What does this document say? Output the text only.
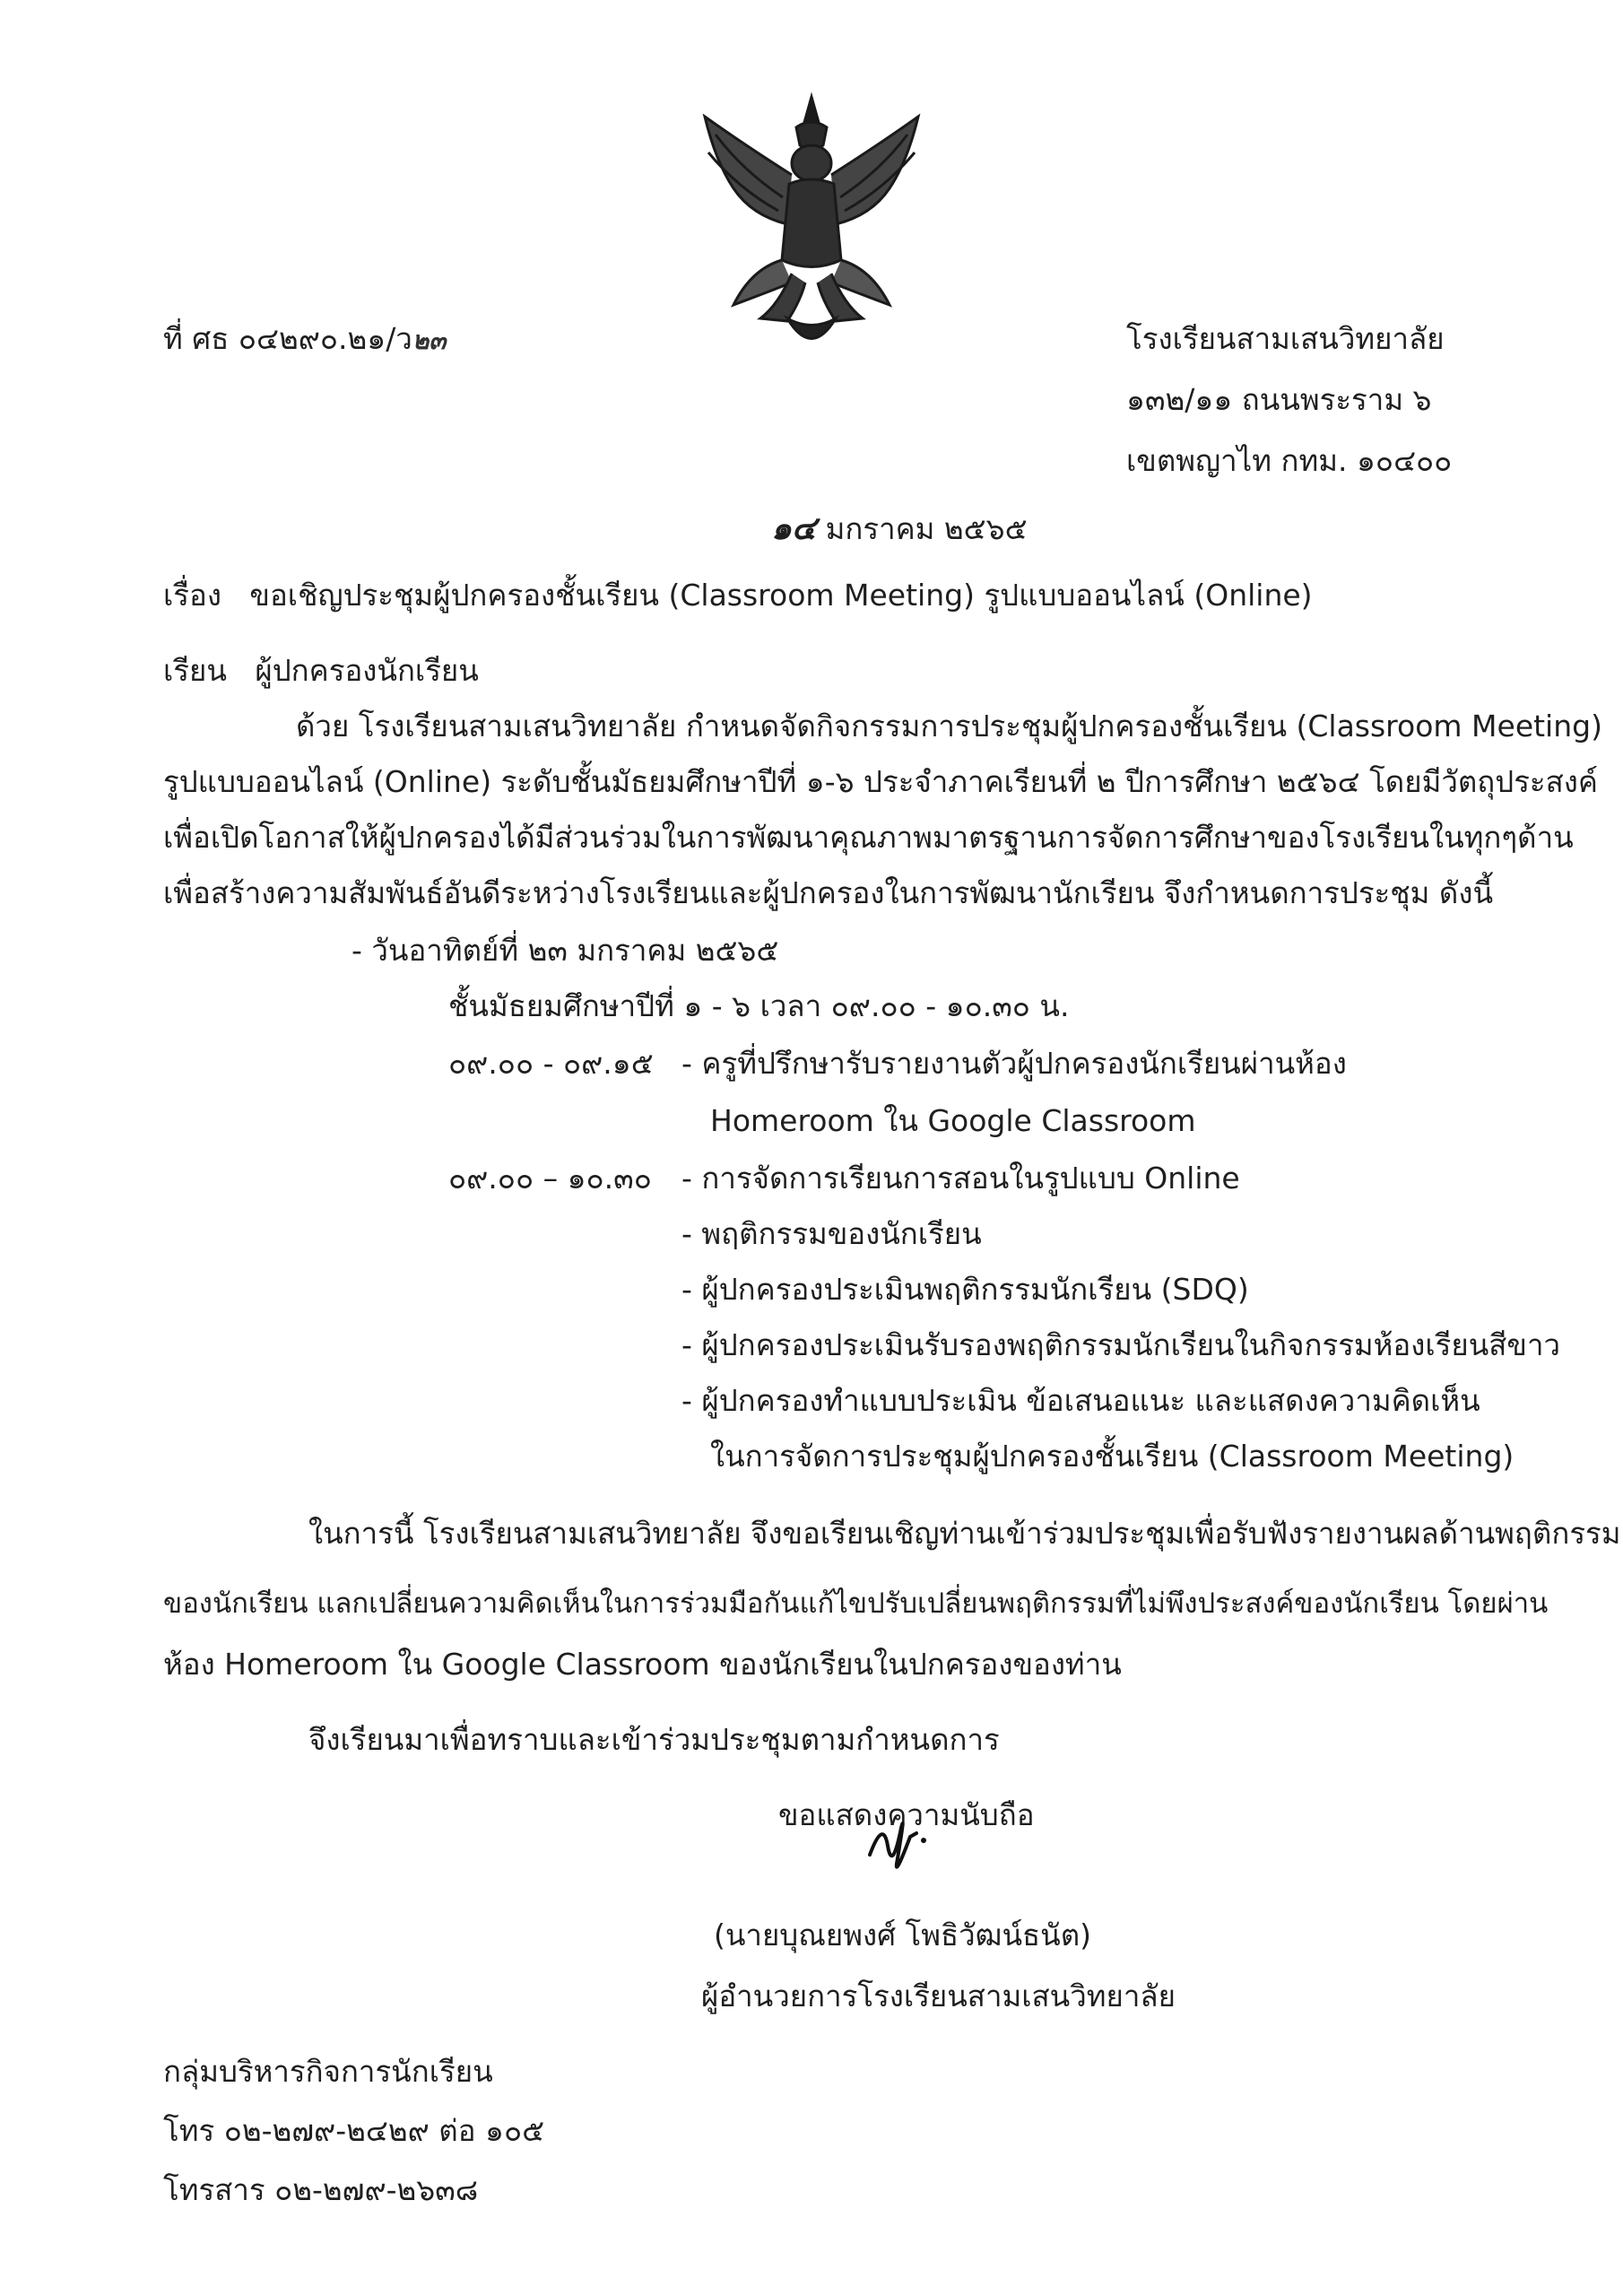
ที่ ศธ ๐๔๒๙๐.๒๑/ว๒๓	โรงเรียนสามเสนวิทยาลัย
๑๓๒/๑๑ ถนนพระราม ๖
เขตพญาไท กทม. ๑๐๔๐๐
๑๔ มกราคม ๒๕๖๕
เรื่อง ขอเชิญประชุมผู้ปกครองชั้นเรียน (Classroom Meeting) รูปแบบออนไลน์ (Online)
เรียน ผู้ปกครองนักเรียน
ด้วย โรงเรียนสามเสนวิทยาลัย กำหนดจัดกิจกรรมการประชุมผู้ปกครองชั้นเรียน (Classroom Meeting)
รูปแบบออนไลน์ (Online) ระดับชั้นมัธยมศึกษาปีที่ ๑-๖ ประจำภาคเรียนที่ ๒ ปีการศึกษา ๒๕๖๔ โดยมีวัตถุประสงค์
เพื่อเปิดโอกาสให้ผู้ปกครองได้มีส่วนร่วมในการพัฒนาคุณภาพมาตรฐานการจัดการศึกษาของโรงเรียนในทุกๆด้าน
เพื่อสร้างความสัมพันธ์อันดีระหว่างโรงเรียนและผู้ปกครองในการพัฒนานักเรียน จึงกำหนดการประชุม ดังนี้
- วันอาทิตย์ที่ ๒๓ มกราคม ๒๕๖๕
ชั้นมัธยมศึกษาปีที่ ๑ - ๖ เวลา ๐๙.๐๐ - ๑๐.๓๐ น.
๐๙.๐๐ - ๐๙.๑๕ - ครูที่ปรึกษารับรายงานตัวผู้ปกครองนักเรียนผ่านห้อง
Homeroom ใน Google Classroom
๐๙.๐๐ – ๑๐.๓๐ - การจัดการเรียนการสอนในรูปแบบ Online
- พฤติกรรมของนักเรียน
- ผู้ปกครองประเมินพฤติกรรมนักเรียน (SDQ)
- ผู้ปกครองประเมินรับรองพฤติกรรมนักเรียนในกิจกรรมห้องเรียนสีขาว
- ผู้ปกครองทำแบบประเมิน ข้อเสนอแนะ และแสดงความคิดเห็น
ในการจัดการประชุมผู้ปกครองชั้นเรียน (Classroom Meeting)
ในการนี้ โรงเรียนสามเสนวิทยาลัย จึงขอเรียนเชิญท่านเข้าร่วมประชุมเพื่อรับฟังรายงานผลด้านพฤติกรรม
ของนักเรียน แลกเปลี่ยนความคิดเห็นในการร่วมมือกันแก้ไขปรับเปลี่ยนพฤติกรรมที่ไม่พึงประสงค์ของนักเรียน โดยผ่าน
ห้อง Homeroom ใน Google Classroom ของนักเรียนในปกครองของท่าน
จึงเรียนมาเพื่อทราบและเข้าร่วมประชุมตามกำหนดการ
ขอแสดงความนับถือ
(นายบุณยพงศ์ โพธิวัฒน์ธนัต)
ผู้อำนวยการโรงเรียนสามเสนวิทยาลัย
กลุ่มบริหารกิจการนักเรียน
โทร ๐๒-๒๗๙-๒๔๒๙ ต่อ ๑๐๕
โทรสาร ๐๒-๒๗๙-๒๖๓๘
